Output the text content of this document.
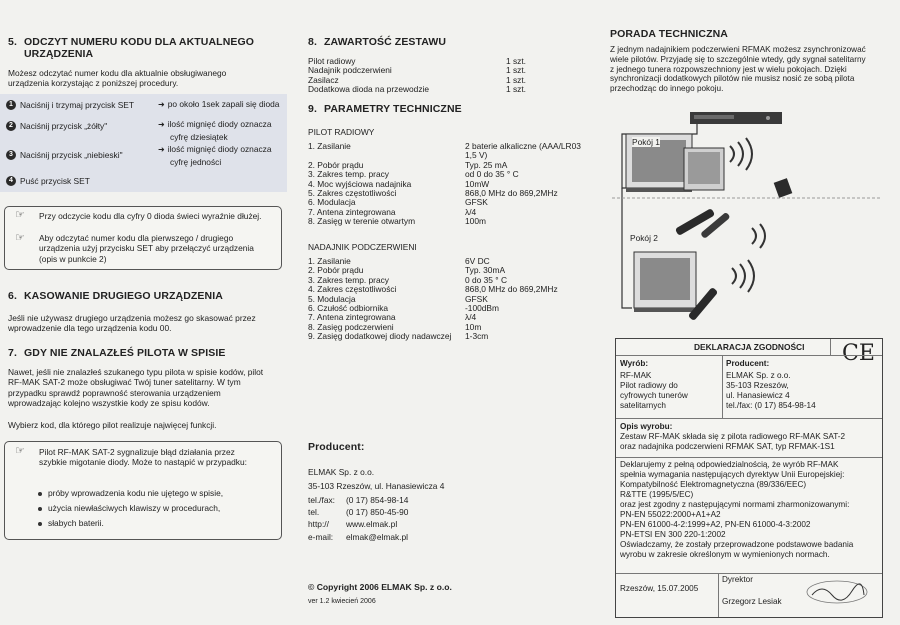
5. ODCZYT NUMERU KODU DLA AKTUALNEGO
URZĄDZENIA
Możesz odczytać numer kodu dla aktualnie obsługiwanego
urządzenia korzystając z poniższej procedury.
1 Naciśnij i trzymaj przycisk SET	➜ po około 1sek zapali się dioda
2 Naciśnij przycisk „żółty"	➜ ilość mignięć diody oznacza
cyfrę dziesiątek
3 Naciśnij przycisk „niebieski"
➜ ilość mignięć diody oznacza
cyfrę jedności
4 Puść przycisk SET
☞ Przy odczycie kodu dla cyfry 0 dioda świeci wyraźnie dłużej.
☞ Aby odczytać numer kodu dla pierwszego / drugiego
urządzenia użyj przycisku SET aby przełączyć urządzenia
(opis w punkcie 2)
6. KASOWANIE DRUGIEGO URZĄDZENIA
Jeśli nie używasz drugiego urządzenia możesz go skasować przez
wprowadzenie dla tego urządzenia kodu 00.
7. GDY NIE ZNALAZŁEŚ PILOTA W SPISIE
Nawet, jeśli nie znalazłeś szukanego typu pilota w spisie kodów, pilot
RF-MAK SAT-2 może obsługiwać Twój tuner satelitarny. W tym
przypadku sprawdź poprawność sterowania urządzeniem
wprowadzając kolejno wszystkie kody ze spisu kodów.
Wybierz kod, dla którego pilot realizuje najwięcej funkcji.
☞ Pilot RF-MAK SAT-2 sygnalizuje błąd działania przez
szybkie migotanie diody. Może to nastąpić w przypadku:
próby wprowadzenia kodu nie ujętego w spisie,
użycia niewłaściwych klawiszy w procedurach,
słabych baterii.
8. ZAWARTOŚĆ ZESTAWU
Pilot radiowy	1 szt.
Nadajnik podczerwieni	1 szt.
Zasilacz	1 szt.
Dodatkowa dioda na przewodzie	1 szt.
9. PARAMETRY TECHNICZNE
PILOT RADIOWY
1. Zasilanie	2 baterie alkaliczne (AAA/LR03
	1,5 V)
2. Pobór prądu	Typ. 25 mA
3. Zakres temp. pracy	od 0 do 35 ° C
4. Moc wyjściowa nadajnika	10mW
5. Zakres częstotliwości	868,0 MHz do 869,2MHz
6. Modulacja	GFSK
7. Antena zintegrowana	λ/4
8. Zasięg w terenie otwartym	100m
NADAJNIK PODCZERWIENI
1. Zasilanie	6V DC
2. Pobór prądu	Typ. 30mA
3. Zakres temp. pracy	0 do 35 ° C
4. Zakres częstotliwości	868,0 MHz do 869,2MHz
5. Modulacja	GFSK
6. Czułość odbiornika	-100dBm
7. Antena zintegrowana	λ/4
8. Zasięg podczerwieni	10m
9. Zasięg dodatkowej diody nadawczej	1-3cm
Producent:
ELMAK Sp. z o.o.
35-103 Rzeszów, ul. Hanasiewicza 4
tel./fax:	(0 17) 854-98-14
tel.	(0 17) 850-45-90
http://	www.elmak.pl
e-mail:	elmak@elmak.pl
© Copyright 2006 ELMAK Sp. z o.o.
ver 1.2 kwiecień 2006
PORADA TECHNICZNA
Z jednym nadajnikiem podczerwieni RFMAK możesz zsynchronizować
wiele pilotów. Przyjadę się to szczególnie wtedy, gdy sygnał satelitarny
z jednego tunera rozpowszechniony jest w wielu pokojach. Dzięki
synchronizacji dodatkowych pilotów nie musisz nosić ze sobą pilota
przechodząc do innego pokoju.
Pokój 1
Pokój 2
DEKLARACJA ZGODNOŚCI CE
Wyrób:
RF-MAK
Pilot radiowy do
cyfrowych tunerów
satelitarnych
Producent:
ELMAK Sp. z o.o.
35-103 Rzeszów,
ul. Hanasiewicz 4
tel./fax: (0 17) 854-98-14
Opis wyrobu:
Zestaw RF-MAK składa się z pilota radiowego RF-MAK SAT-2
oraz nadajnika podczerwieni RFMAK SAT, typ RFMAK-1S1
Deklarujemy z pełną odpowiedzialnością, że wyrób RF-MAK
spełnia wymagania następujących dyrektyw Unii Europejskiej:
Kompatybilność Elektromagnetyczna (89/336/EEC)
R&TTE (1995/5/EC)
oraz jest zgodny z następującymi normami zharmonizowanymi:
PN-EN 55022:2000+A1+A2
PN-EN 61000-4-2:1999+A2, PN-EN 61000-4-3:2002
PN-ETSI EN 300 220-1:2002
Oświadczamy, że zostały przeprowadzone podstawowe badania
wyrobu w zakresie określonym w wymienionych normach.
Rzeszów, 15.07.2005
Dyrektor
Grzegorz Lesiak
